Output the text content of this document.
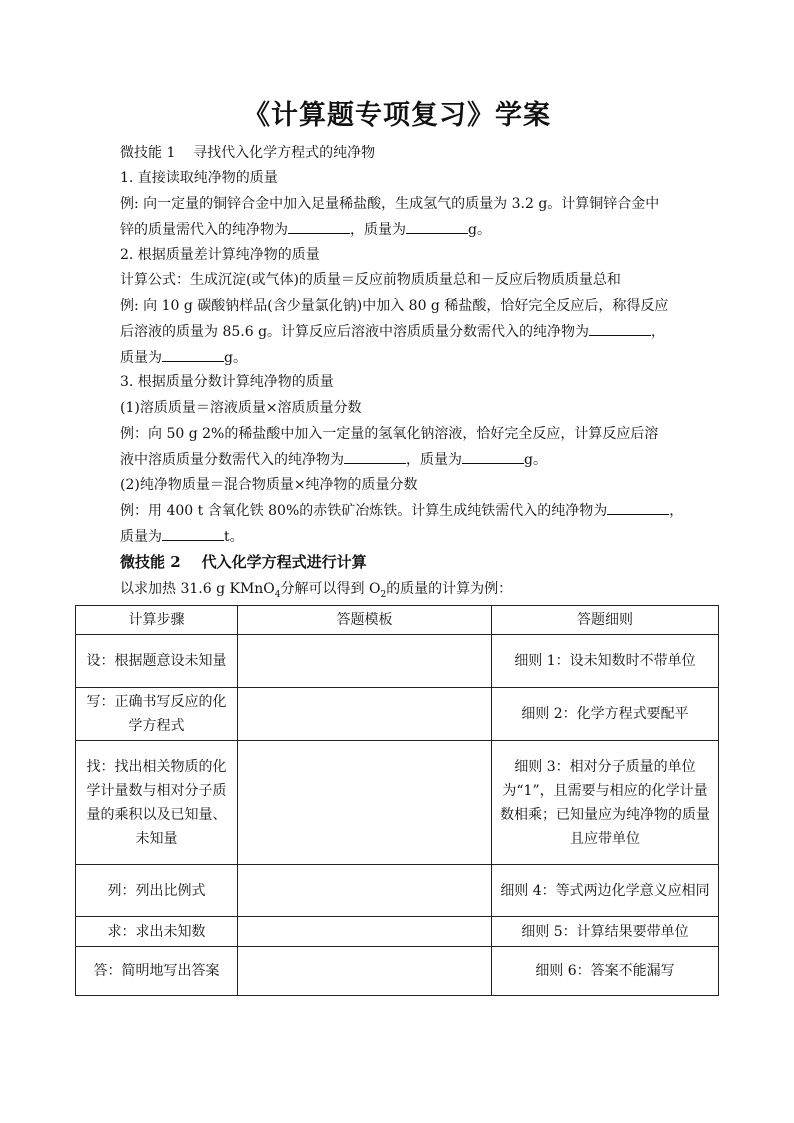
《计算题专项复习》学案
微技能 1 寻找代入化学方程式的纯净物
1. 直接读取纯净物的质量
例: 向一定量的铜锌合金中加入足量稀盐酸，生成氢气的质量为 3.2 g。计算铜锌合金中
锌的质量需代入的纯净物为	，质量为	g。
2. 根据质量差计算纯净物的质量
计算公式：生成沉淀(或气体)的质量＝反应前物质质量总和－反应后物质质量总和
例: 向 10 g 碳酸钠样品(含少量氯化钠)中加入 80 g 稀盐酸，恰好完全反应后，称得反应
后溶液的质量为 85.6 g。计算反应后溶液中溶质质量分数需代入的纯净物为	，
质量为	g。
3. 根据质量分数计算纯净物的质量
(1)溶质质量＝溶液质量×溶质质量分数
例：向 50 g 2%的稀盐酸中加入一定量的氢氧化钠溶液，恰好完全反应，计算反应后溶
液中溶质质量分数需代入的纯净物为	，质量为	g。
(2)纯净物质量＝混合物质量×纯净物的质量分数
例：用 400 t 含氧化铁 80%的赤铁矿冶炼铁。计算生成纯铁需代入的纯净物为	，
质量为	t。
微技能 2 代入化学方程式进行计算
以求加热 31.6 g KMnO$_4$分解可以得到 $O_2$的质量的计算为例：
计算步骤	答题模板	答题细则
设：根据题意设未知量		细则 1：设未知数时不带单位
写：正确书写反应的化学方程式		细则 2：化学方程式要配平
找：找出相关物质的化学计量数与相对分子质量的乘积以及已知量、未知量		细则 3：相对分子质量的单位为“1”，且需要与相应的化学计量数相乘；已知量应为纯净物的质量且应带单位
列：列出比例式		细则 4：等式两边化学意义应相同
求：求出未知数		细则 5：计算结果要带单位
答：简明地写出答案		细则 6：答案不能漏写
